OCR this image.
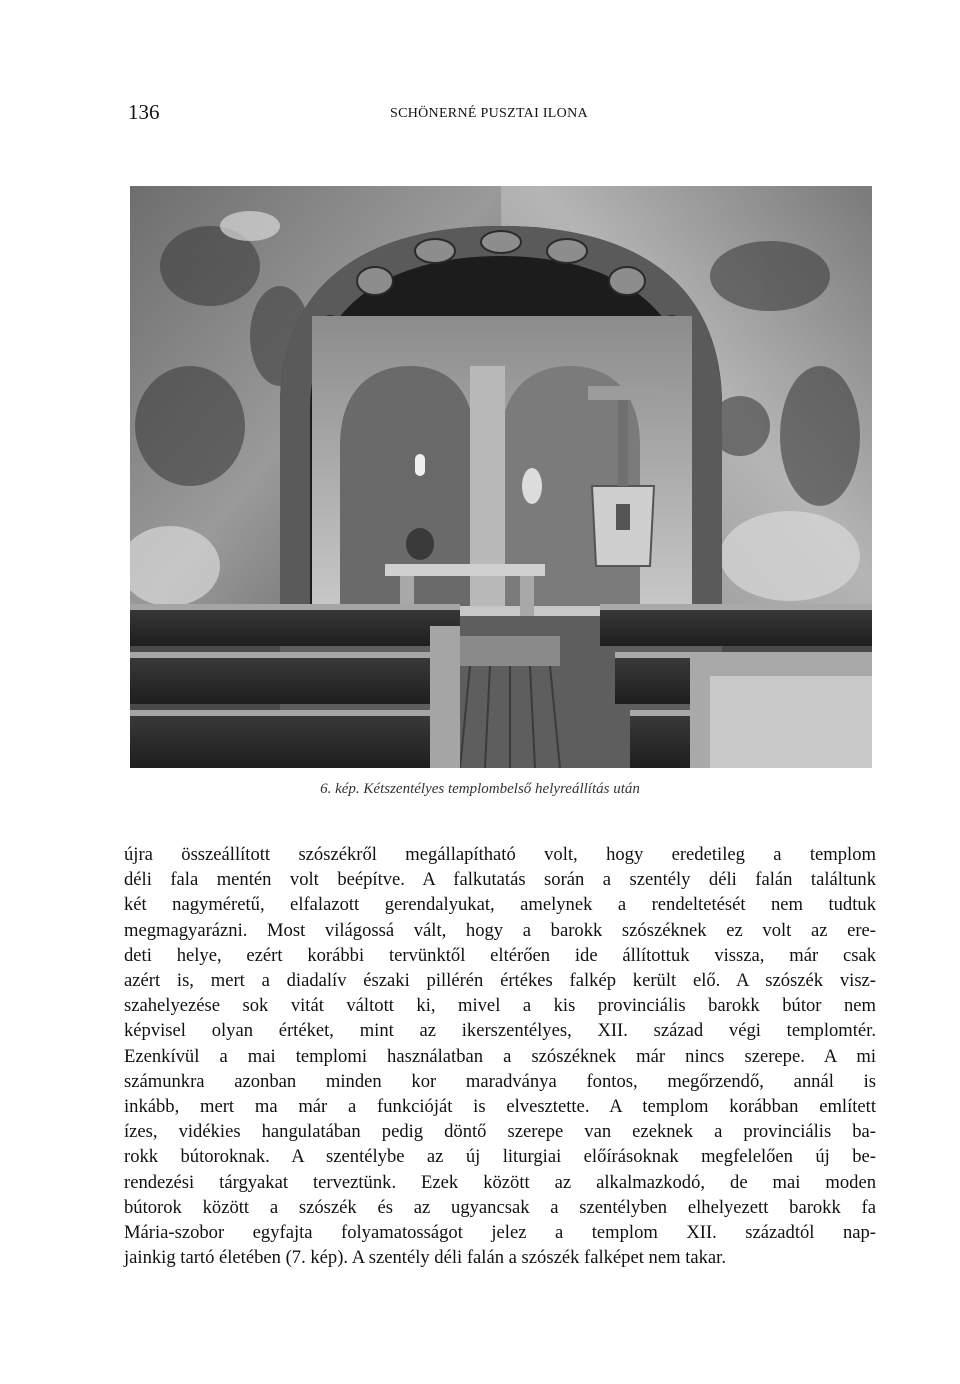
136	SCHÖNERNÉ PUSZTAI ILONA
6. kép. Kétszentélyes templombelső helyreállítás után
újra összeállított szószékről megállapítható volt, hogy eredetileg a templom
déli fala mentén volt beépítve. A falkutatás során a szentély déli falán találtunk
két nagyméretű, elfalazott gerendalyukat, amelynek a rendeltetését nem tudtuk
megmagyarázni. Most világossá vált, hogy a barokk szószéknek ez volt az ere-
deti helye, ezért korábbi tervünktől eltérően ide állítottuk vissza, már csak
azért is, mert a diadalív északi pillérén értékes falkép került elő. A szószék visz-
szahelyezése sok vitát váltott ki, mivel a kis provinciális barokk bútor nem
képvisel olyan értéket, mint az ikerszentélyes, XII. század végi templomtér.
Ezenkívül a mai templomi használatban a szószéknek már nincs szerepe. A mi
számunkra azonban minden kor maradványa fontos, megőrzendő, annál is
inkább, mert ma már a funkcióját is elvesztette. A templom korábban említett
ízes, vidékies hangulatában pedig döntő szerepe van ezeknek a provinciális ba-
rokk bútoroknak. A szentélybe az új liturgiai előírásoknak megfelelően új be-
rendezési tárgyakat terveztünk. Ezek között az alkalmazkodó, de mai moden
bútorok között a szószék és az ugyancsak a szentélyben elhelyezett barokk fa
Mária-szobor egyfajta folyamatosságot jelez a templom XII. századtól nap-
jainkig tartó életében (7. kép). A szentély déli falán a szószék falképet nem takar.
